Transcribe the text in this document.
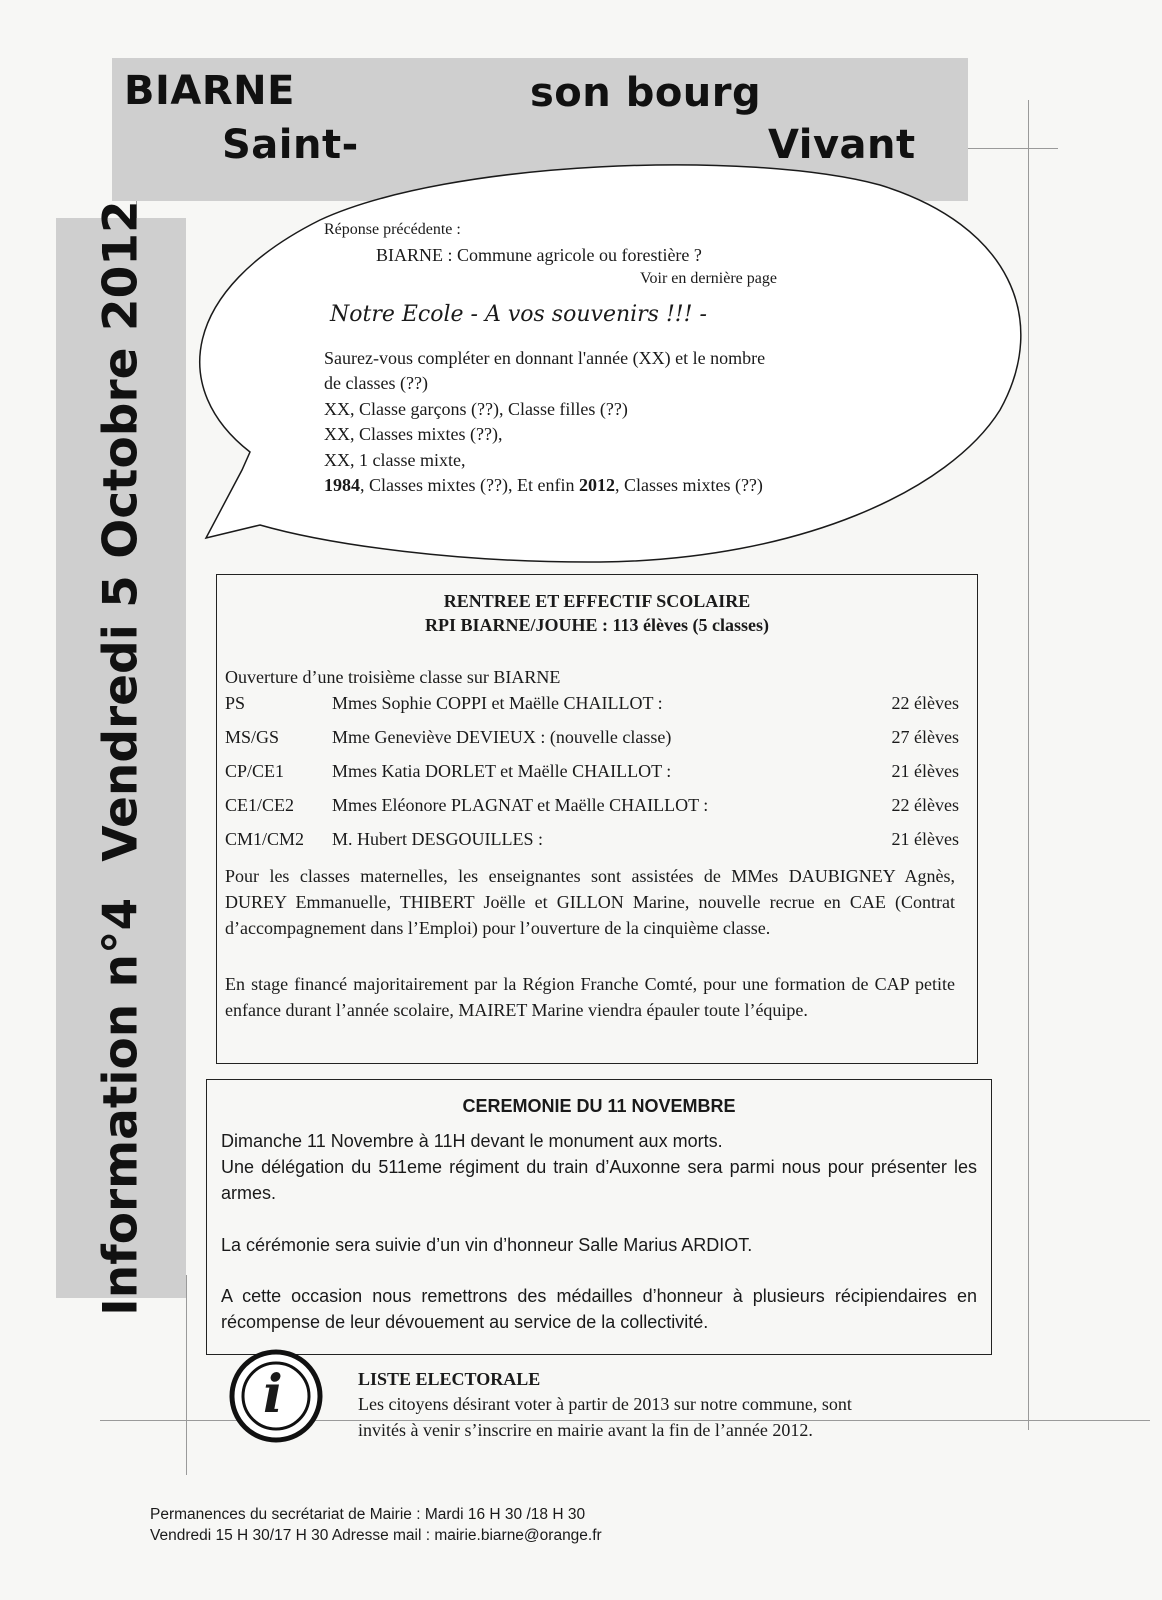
BIARNE
Saint-
son bourg
Vivant
Information n°4Vendredi 5 Octobre 2012	Réponse précédente :
BIARNE : Commune agricole ou forestière ?
Voir en dernière page
Notre Ecole - A vos souvenirs !!! -
Saurez-vous compléter en donnant l'année (XX) et le nombre
de classes (??)
XX, Classe garçons (??), Classe filles (??)
XX, Classes mixtes (??),
XX, 1 classe mixte,
1984, Classes mixtes (??), Et enfin 2012, Classes mixtes (??)
RENTREE ET EFFECTIF SCOLAIRE
RPI BIARNE/JOUHE : 113 élèves (5 classes)
Ouverture d’une troisième classe sur BIARNE
PS	Mmes Sophie COPPI et Maëlle CHAILLOT :	22 élèves
MS/GS	Mme Geneviève DEVIEUX : (nouvelle classe)	27 élèves
CP/CE1	Mmes Katia DORLET et Maëlle CHAILLOT :	21 élèves
CE1/CE2 Mmes Eléonore PLAGNAT et Maëlle CHAILLOT :	22 élèves
CM1/CM2 M. Hubert DESGOUILLES :	21 élèves
Pour les classes maternelles, les enseignantes sont assistées de MMes DAUBIGNEY Agnès, DUREY Emmanuelle, THIBERT Joëlle et GILLON Marine, nouvelle recrue en CAE (Contrat d’accompagnement dans l’Emploi) pour l’ouverture de la cinquième classe.
En stage financé majoritairement par la Région Franche Comté, pour une formation de CAP petite enfance durant l’année scolaire, MAIRET Marine viendra épauler toute l’équipe.
CEREMONIE DU 11 NOVEMBRE
Dimanche 11 Novembre à 11H devant le monument aux morts.
Une délégation du 511eme régiment du train d’Auxonne sera parmi nous pour présenter les armes.
La cérémonie sera suivie d’un vin d’honneur Salle Marius ARDIOT.
A cette occasion nous remettrons des médailles d’honneur à plusieurs récipiendaires en récompense de leur dévouement au service de la collectivité.
i	LISTE ELECTORALE
Les citoyens désirant voter à partir de 2013 sur notre commune, sont
invités à venir s’inscrire en mairie avant la fin de l’année 2012.
Permanences du secrétariat de Mairie : Mardi 16 H 30 /18 H 30
Vendredi 15 H 30/17 H 30 Adresse mail : mairie.biarne@orange.fr
